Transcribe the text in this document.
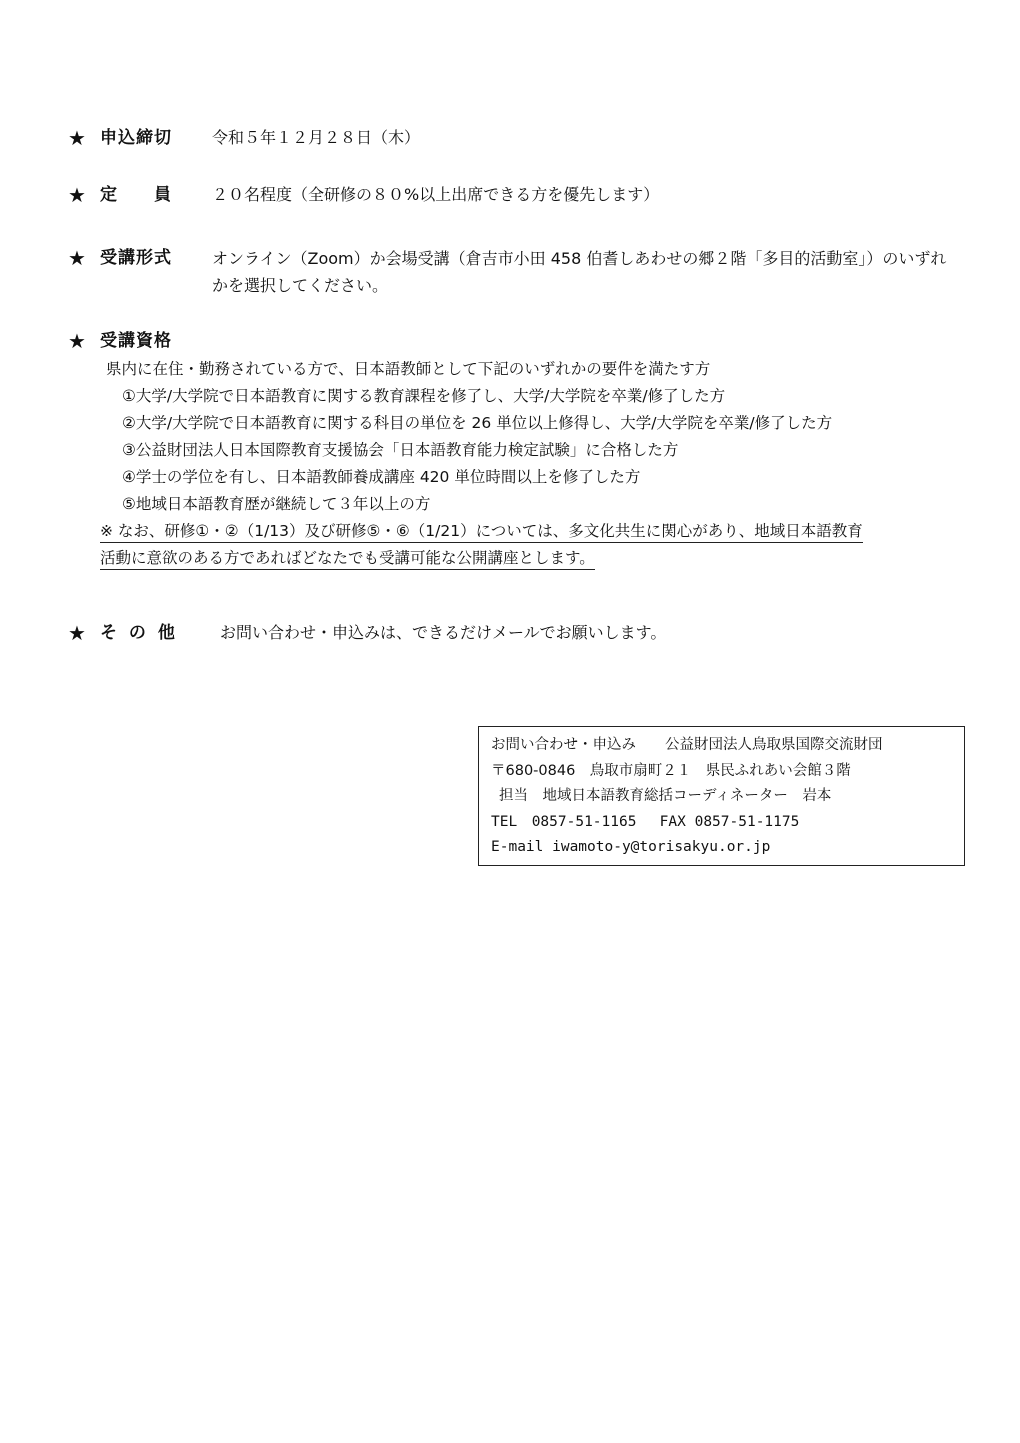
★ 申込締切	令和５年１２月２８日（木）
★ 定　　員	２０名程度（全研修の８０%以上出席できる方を優先します）
★ 受講形式	オンライン（Zoom）か会場受講（倉吉市小田 458 伯耆しあわせの郷２階「多目的活動室」）のいずれかを選択してください。
★ 受講資格
県内に在住・勤務されている方で、日本語教師として下記のいずれかの要件を満たす方
①大学/大学院で日本語教育に関する教育課程を修了し、大学/大学院を卒業/修了した方
②大学/大学院で日本語教育に関する科目の単位を 26 単位以上修得し、大学/大学院を卒業/修了した方
③公益財団法人日本国際教育支援協会「日本語教育能力検定試験」に合格した方
④学士の学位を有し、日本語教師養成講座 420 単位時間以上を修了した方
⑤地域日本語教育歴が継続して３年以上の方
※ なお、研修①・②（1/13）及び研修⑤・⑥（1/21）については、多文化共生に関心があり、地域日本語教育
活動に意欲のある方であればどなたでも受講可能な公開講座とします。
★ そ の 他	お問い合わせ・申込みは、できるだけメールでお願いします。
お問い合わせ・申込み　　公益財団法人鳥取県国際交流財団
〒680-0846　鳥取市扇町２１　県民ふれあい会館３階
担当　地域日本語教育総括コーディネーター　岩本
TEL　0857-51-1165　 FAX 0857-51-1175
E-mail iwamoto-y@torisakyu.or.jp
